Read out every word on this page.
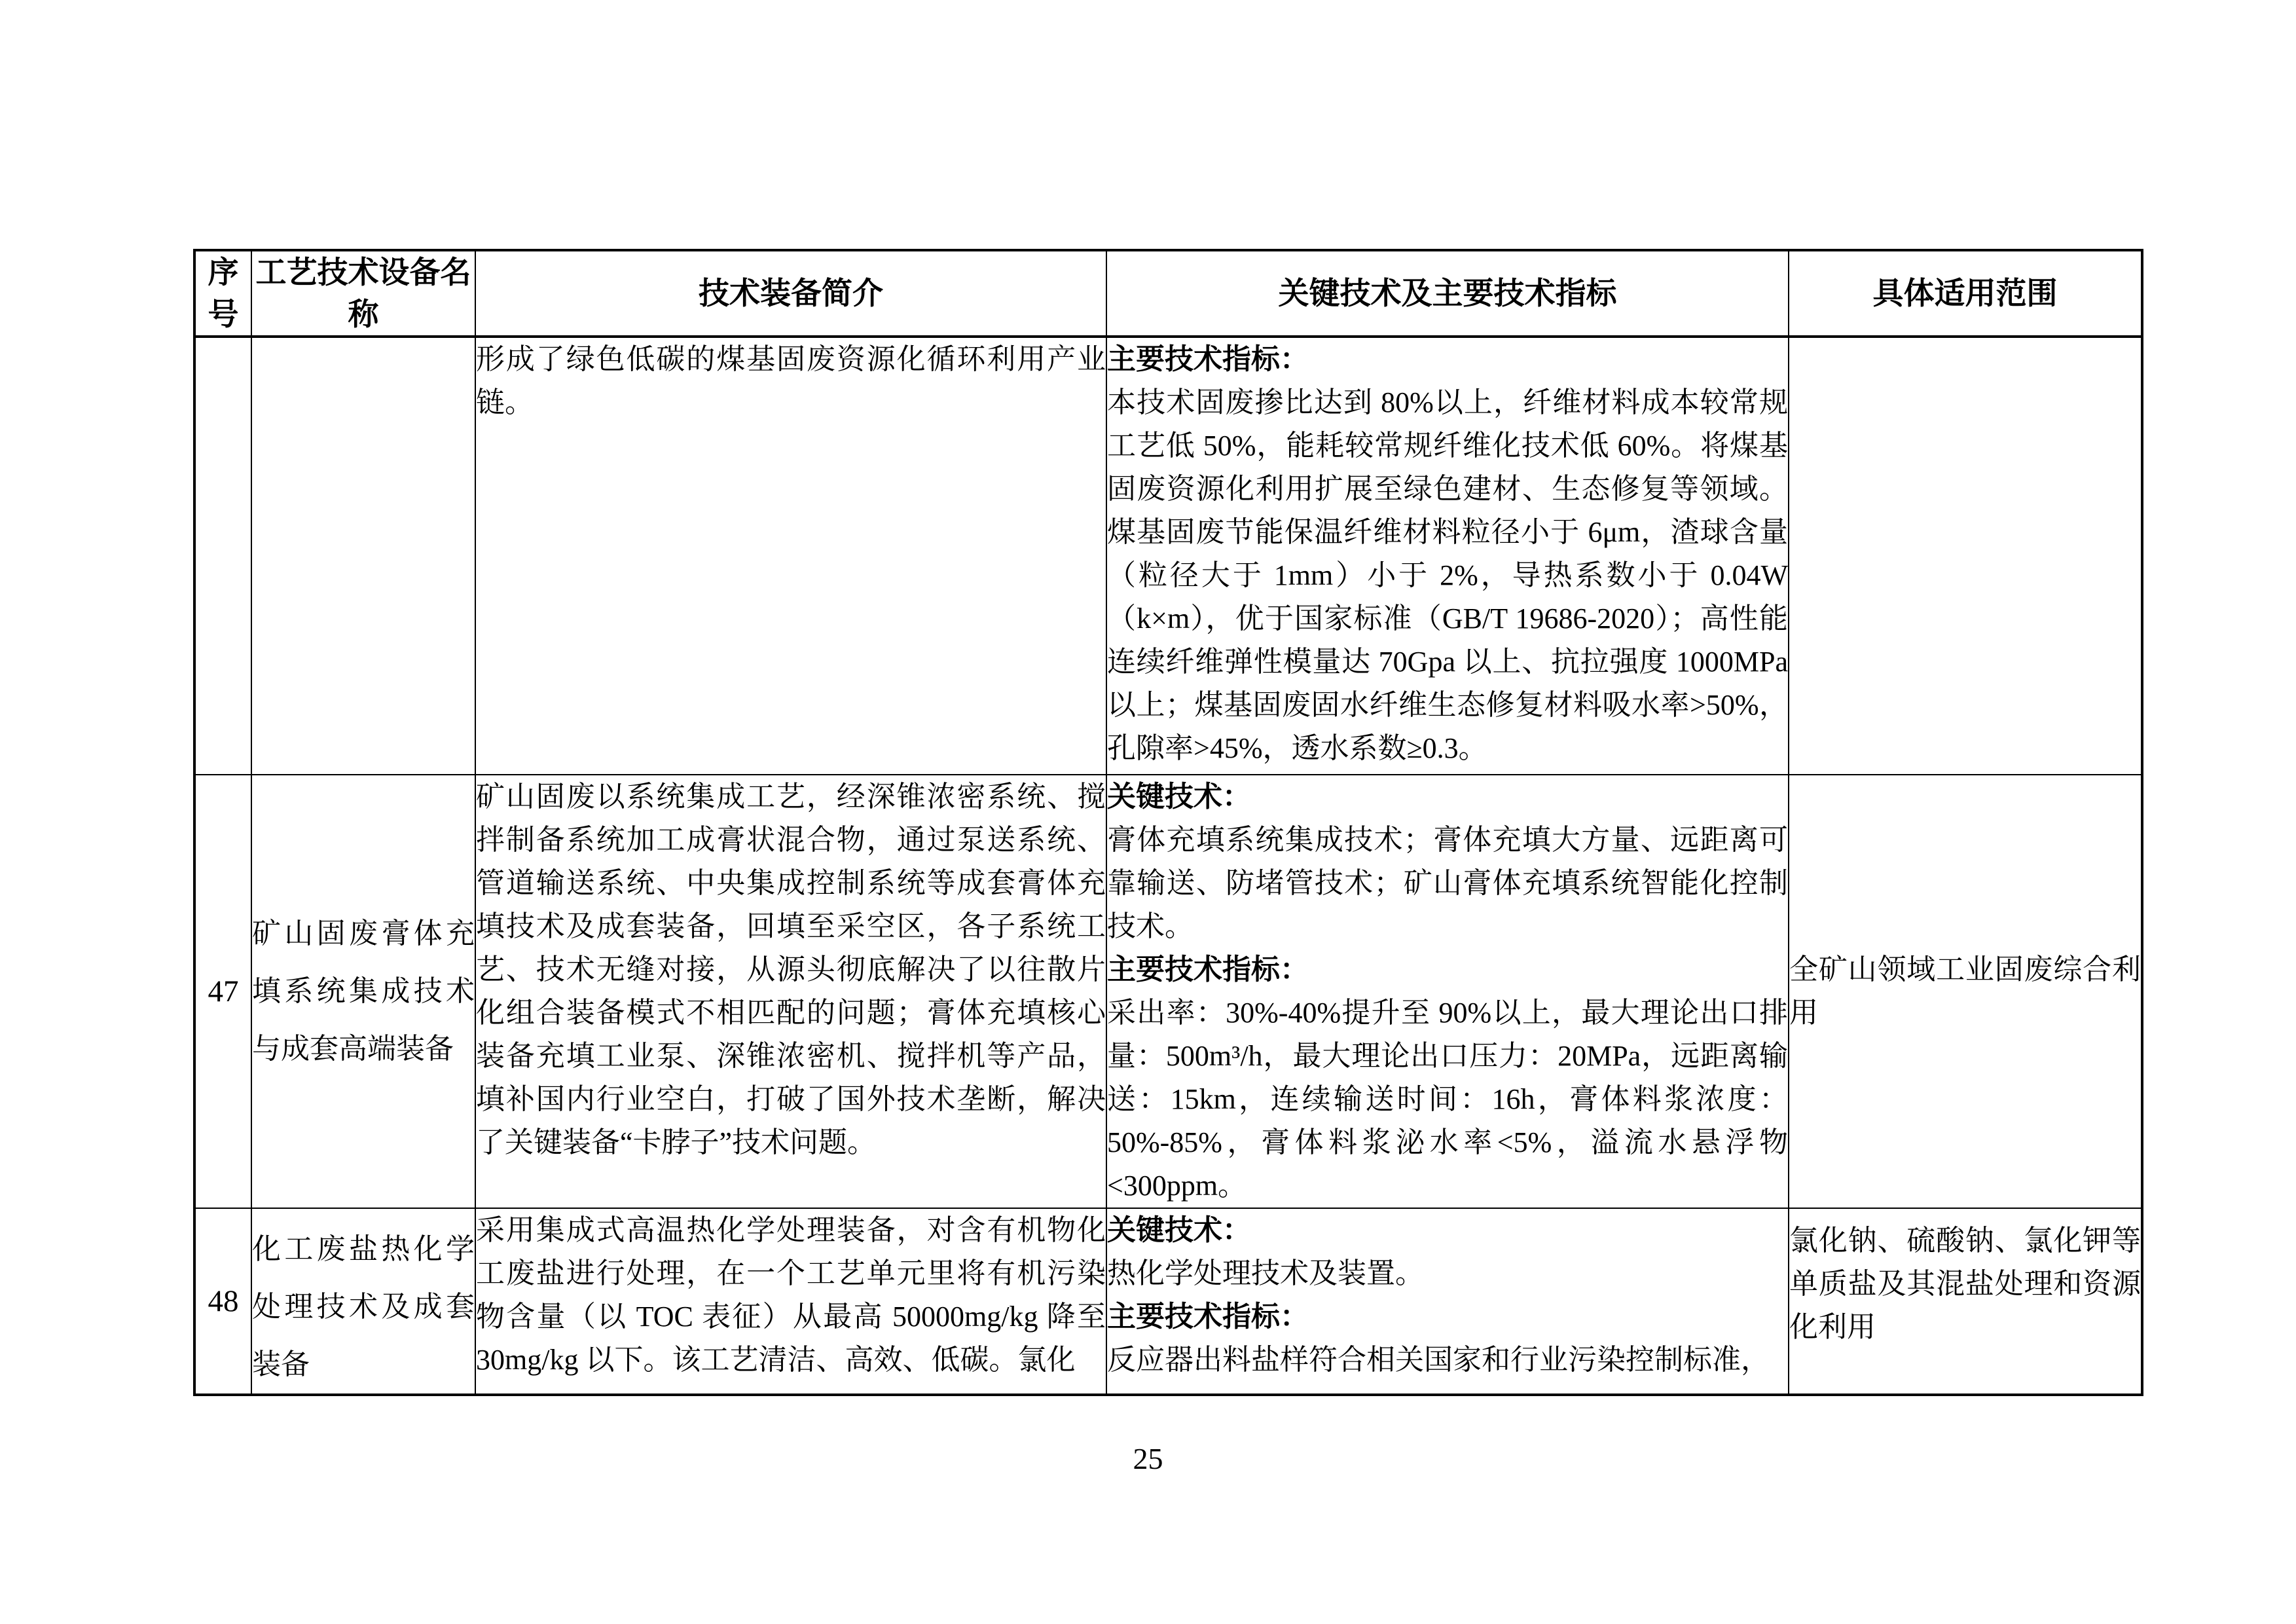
序号	工艺技术设备名称	技术装备简介	关键技术及主要技术指标	具体适用范围

		形成了绿色低碳的煤基固废资源化循环利用产业链。	主要技术指标：
本技术固废掺比达到 80%以上，纤维材料成本较常规工艺低 50%，能耗较常规纤维化技术低 60%。将煤基固废资源化利用扩展至绿色建材、生态修复等领域。煤基固废节能保温纤维材料粒径小于 6μm，渣球含量（粒径大于 1mm）小于 2%，导热系数小于 0.04W（k×m），优于国家标准（GB/T 19686-2020）；高性能连续纤维弹性模量达 70Gpa 以上、抗拉强度 1000MPa 以上；煤基固废固水纤维生态修复材料吸水率>50%，孔隙率>45%，透水系数≥0.3。	

47	矿山固废膏体充填系统集成技术与成套高端装备	矿山固废以系统集成工艺，经深锥浓密系统、搅拌制备系统加工成膏状混合物，通过泵送系统、管道输送系统、中央集成控制系统等成套膏体充填技术及成套装备，回填至采空区，各子系统工艺、技术无缝对接，从源头彻底解决了以往散片化组合装备模式不相匹配的问题；膏体充填核心装备充填工业泵、深锥浓密机、搅拌机等产品，填补国内行业空白，打破了国外技术垄断，解决了关键装备“卡脖子”技术问题。	关键技术：
膏体充填系统集成技术；膏体充填大方量、远距离可靠输送、防堵管技术；矿山膏体充填系统智能化控制技术。
主要技术指标：
采出率：30%-40%提升至 90%以上，最大理论出口排量：500m³/h，最大理论出口压力：20MPa，远距离输送：15km，连续输送时间：16h，膏体料浆浓度：50%-85%，膏体料浆泌水率<5%，溢流水悬浮物<300ppm。	全矿山领域工业固废综合利用

48	化工废盐热化学处理技术及成套装备	采用集成式高温热化学处理装备，对含有机物化工废盐进行处理，在一个工艺单元里将有机污染物含量（以 TOC 表征）从最高 50000mg/kg 降至 30mg/kg 以下。该工艺清洁、高效、低碳。氯化	关键技术：
热化学处理技术及装置。
主要技术指标：
反应器出料盐样符合相关国家和行业污染控制标准，	氯化钠、硫酸钠、氯化钾等单质盐及其混盐处理和资源化利用
25
